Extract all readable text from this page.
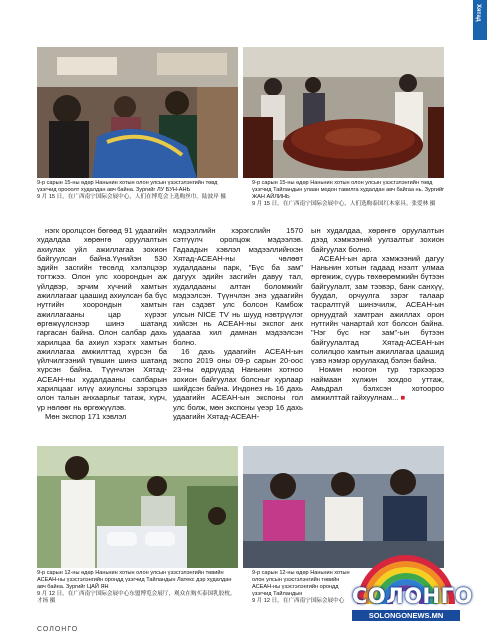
Хятад
9-р сарын 15-ны өдөр Наньнин хотын олон улсын үзэсгэлэнгийн төвд үзэгчид орооолт худалдан авч байна. Зургийг ЛУ БУН-АНЬ
9 月 15 日，在广西南宁国际会展中心，人们在博览会上选购丝巾。陆波岸 摄
9-р сарын 15-ны өдөр Наньнин хотын олон улсын үзэсгэлэнгийн төвд үзэгчид Тайландын улаан модон тавилга худалдан авч байгаа нь. Зургийг ЖАН АЙЛИНЬ
9 月 15 日，在广西南宁国际会展中心，人们选购泰国红木家具。张爱林 摄

нэгк оролцсон бөгөөд 91 удаагийн худалдаа хөрөнгө оруулалтын ахиулах уйл ажиллагаа зохион байгуулсан байна.Үүнийэн 530 эдийн засгийн төсөлд хэлэлцээр тогтжээ. Олон улс хоорондын аж үйлдвэр, эрчим хүчний хамтын ажиллагааг цаашид ахиулсан ба бүс нутгийн хоорондын хамтын ажиллагааны цар хүрээг өргөжүүлснээр шинэ шатанд гаргасан байна. Олон салбар дахь харилцаа ба ахиул хэрэгх хамтын ажиллагаа амжилттад хүрсэн ба үйлчилгээний түвшин шинэ шатанд хүрсэн байна. Түүнчлэн Хятад-АСЕАН-ны худалдааны салбарын харилцааг илүү ахиулсны зэрэгцээ олон талын анхаарлыг татаж, хүрч, үр нөлөөг нь өргөжүүлэв.

Мөн экспор 171 хэвлэл

мэдээллийн хэрэгслийн 1570 сэтгүүлч оролцож мэдээлэв. Гадаадын хэвлэл мэдээллийнхэн Хятад-АСЕАН-ны чөлөөт худалдааны парк, "Бүс бa зам" дагуух эдийн засгийн давуу тал, худалдааны алтан боломжийг мэдээлсэн. Түүнчлэн энэ удаагийн ган сэдэвт улс болсон Камбож улсын NICE TV нь шууд нэвтрүүлэг хийсэн нь АСЕАН-ны экспог анх удаагаа хил дамнан мэдээлсэн болно.

16 дахь удаагийн АСЕАН-ын экспо 2019 оны 09-р сарын 20-оос 23-ны өдрүүдэд Наньнин хотноо зохион байгуулах болсныг хурлаар шийдсэн байна. Индонез нь 16 дахь удаагийн АСЕАН-ын экспоны гол улс болж, мөн экспоны үеэр 16 дахь удаагийн Хятад-АСЕАН-

ын худалдаа, хөрөнгө оруулалтын дээд хэмжээний уулзалтыг зохион байгуулах болно.

АСЕАН-ын арга хэмжээний дагуу Наньнин хотын гадаад нээлт улмаа өргөжиж, сүүрь төхөөрөмжийн бүтээн байгуулалт, зам тээвэр, банк санхүү, буудал, орчуулга зэрэг талаар тасралтгүй шинэчилж, АСЕАН-ын орнуудтай хамтран ажиллах орон нутгийн чанартай хот болсон байна. "Нэг бүс нэг зам"-ын бүтээн байгуулалтад Хятад-АСЕАН-ын солилцоо хамтын ажиллагаа цаашид үзвэ нэмэр оруулахад бэлэн байна.

Номин ноогон тур тэрхээрээ наймаан хүлжин зохдоо уттаж, Амьдрал бэлхсэн хотоороо амжилттай гайхуулнам... ■

9-р сарын 12-ны өдөр Наньнин хотын олон улсын үзэсгэлэнгийн төвийн АСЕАН-ны үзэсгэлэнгийн орондд үзэгчид Тайландын Латекс дэр худалдан авч байна. Зургийг ЦАЙ ЯН
9 月 12 日，在广西南宁国际会展中心东盟博览会展厅，观众在购买泰国乳胶枕。才扬 摄
9-р сарын 12-ны өдөр Наньнин хотын олон улсын үзэсгэлэнгийн төвийн АСЕАН-ны үзэсгэлэнгийн орондд үзэгчид Тайландын
9 月 12 日，在广西南宁国际会展中心
СОЛОНГО
СОЛОНГО
SOLONGONEWS.MN
